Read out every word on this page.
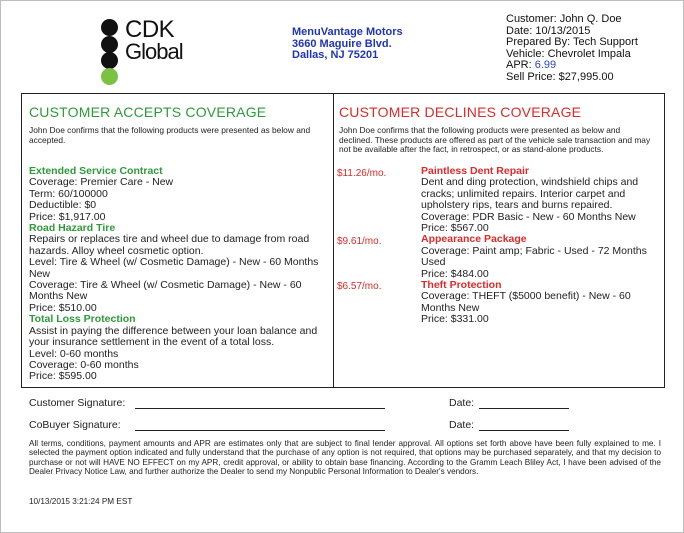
CDK
Global
MenuVantage Motors
3660 Maguire Blvd.
Dallas, NJ 75201
Customer: John Q. Doe
Date: 10/13/2015
Prepared By: Tech Support
Vehicle: Chevrolet Impala
APR: 6.99
Sell Price: $27,995.00
CUSTOMER ACCEPTS COVERAGE
John Doe confirms that the following products were presented as below and accepted.
Extended Service Contract
Coverage: Premier Care - New
Term: 60/100000
Deductible: $0
Price: $1,917.00
Road Hazard Tire
Repairs or replaces tire and wheel due to damage from road hazards. Alloy wheel cosmetic option.
Level: Tire & Wheel (w/ Cosmetic Damage) - New - 60 Months New
Coverage: Tire & Wheel (w/ Cosmetic Damage) - New - 60 Months New
Price: $510.00
Total Loss Protection
Assist in paying the difference between your loan balance and your insurance settlement in the event of a total loss.
Level: 0-60 months
Coverage: 0-60 months
Price: $595.00
CUSTOMER DECLINES COVERAGE
John Doe confirms that the following products were presented as below and declined. These products are offered as part of the vehicle sale transaction and may not be available after the fact, in retrospect, or as stand-alone products.
$11.26/mo.
$9.61/mo.
$6.57/mo.
Paintless Dent Repair
Dent and ding protection, windshield chips and cracks; unlimited repairs. Interior carpet and upholstery rips, tears and burns repaired.
Coverage: PDR Basic - New - 60 Months New
Price: $567.00
Appearance Package
Coverage: Paint amp; Fabric - Used - 72 Months Used
Price: $484.00
Theft Protection
Coverage: THEFT ($5000 benefit) - New - 60 Months New
Price: $331.00
Customer Signature:	Date:
CoBuyer Signature:	Date:
All terms, conditions, payment amounts and APR are estimates only that are subject to final lender approval. All options set forth above have been fully explained to me. I selected the payment option indicated and fully understand that the purchase of any option is not required, that options may be purchased separately, and that my decision to purchase or not will HAVE NO EFFECT on my APR, credit approval, or ability to obtain base financing. According to the Gramm Leach Bliley Act, I have been advised of the Dealer Privacy Notice Law, and further authorize the Dealer to send my Nonpublic Personal Information to Dealer's vendors.
10/13/2015 3:21:24 PM EST
